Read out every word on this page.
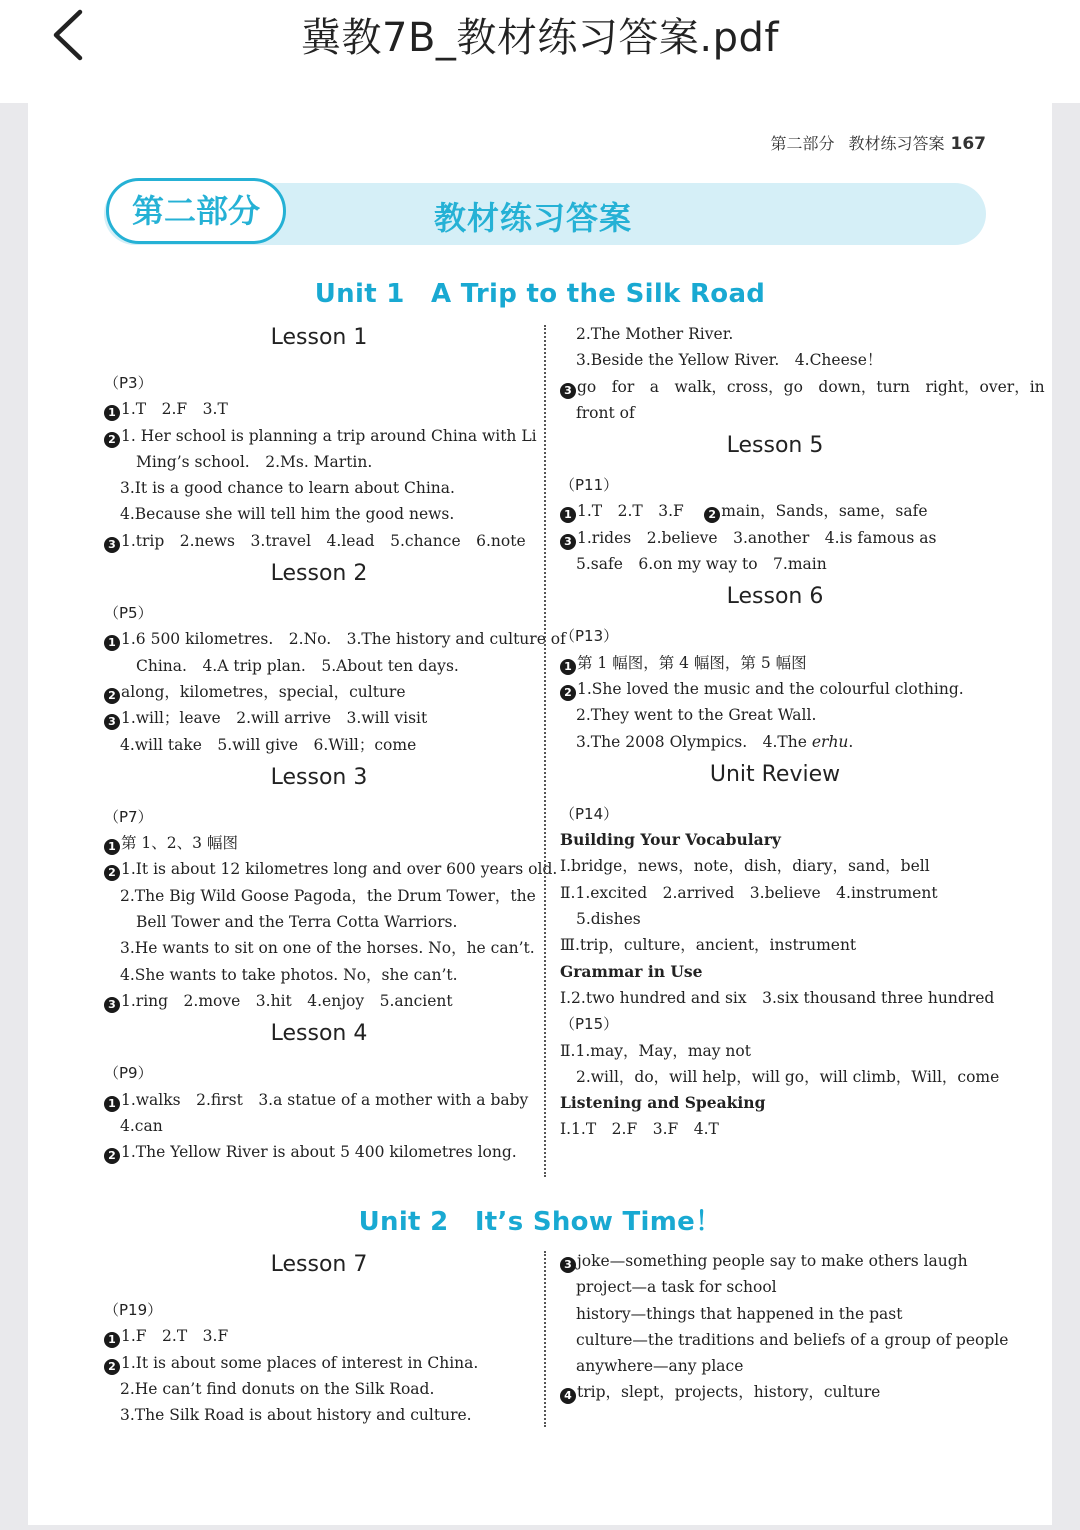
冀教7B_教材练习答案.pdf
第二部分 教材练习答案 167
第二部分	教材练习答案
Unit 1　A Trip to the Silk Road
Lesson 1
（P3）
1 1.T　2.F　3.T
2 1. Her school is planning a trip around China with Li
Ming’s school.　2.Ms. Martin.
3.It is a good chance to learn about China.
4.Because she will tell him the good news.
3 1.trip　2.news　3.travel　4.lead　5.chance　6.note
Lesson 2
（P5）
1 1.6 500 kilometres.　2.No.　3.The history and culture of
China.　4.A trip plan.　5.About ten days.
2 along，kilometres，special，culture
3 1.will；leave　2.will arrive　3.will visit
4.will take　5.will give　6.Will；come
Lesson 3
（P7）
1 第 1、2、3 幅图
2 1.It is about 12 kilometres long and over 600 years old.
2.The Big Wild Goose Pagoda，the Drum Tower，the
Bell Tower and the Terra Cotta Warriors.
3.He wants to sit on one of the horses. No，he can’t.
4.She wants to take photos. No，she can’t.
3 1.ring　2.move　3.hit　4.enjoy　5.ancient
Lesson 4
（P9）
1 1.walks　2.first　3.a statue of a mother with a baby
4.can
2 1.The Yellow River is about 5 400 kilometres long.
2.The Mother River.
3.Beside the Yellow River.　4.Cheese！
3 go　for　a　walk，cross，go　down，turn　right，over，in
front of
Lesson 5
（P11）
1 1.T　2.T　3.F　 2 main，Sands，same，safe
3 1.rides　2.believe　3.another　4.is famous as
5.safe　6.on my way to　7.main
Lesson 6
（P13）
1 第 1 幅图，第 4 幅图，第 5 幅图
2 1.She loved the music and the colourful clothing.
2.They went to the Great Wall.
3.The 2008 Olympics.　4.The erhu.
Unit Review
（P14）
Building Your Vocabulary
Ⅰ.bridge，news，note，dish，diary，sand，bell
Ⅱ.1.excited　2.arrived　3.believe　4.instrument
5.dishes
Ⅲ.trip，culture，ancient，instrument
Grammar in Use
Ⅰ.2.two hundred and six　3.six thousand three hundred
（P15）
Ⅱ.1.may，May，may not
2.will，do，will help，will go，will climb，Will，come
Listening and Speaking
Ⅰ.1.T　2.F　3.F　4.T
Unit 2　It’s Show Time！
Lesson 7
（P19）
1 1.F　2.T　3.F
2 1.It is about some places of interest in China.
2.He can’t find donuts on the Silk Road.
3.The Silk Road is about history and culture.
3 joke—something people say to make others laugh
project—a task for school
history—things that happened in the past
culture—the traditions and beliefs of a group of people
anywhere—any place
4 trip，slept，projects，history，culture
